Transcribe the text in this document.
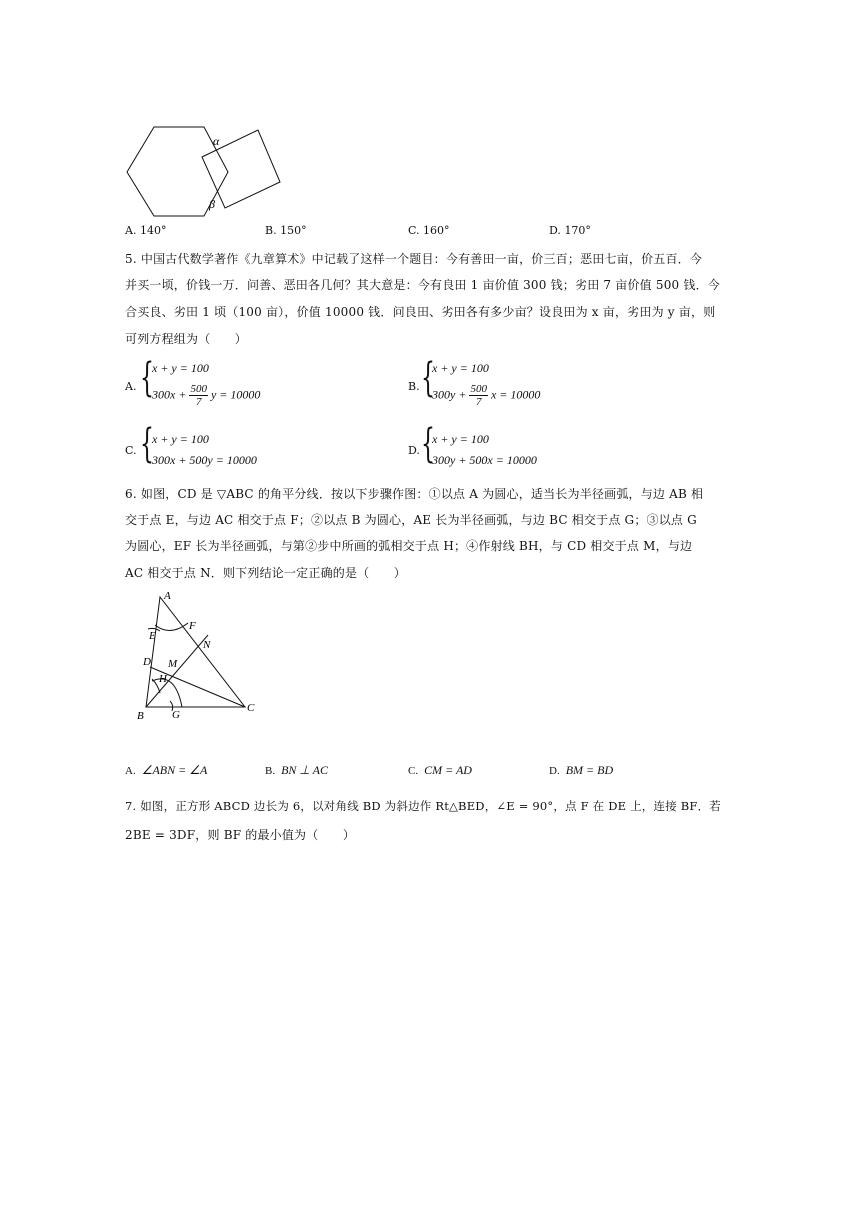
α
β
A. 140°	B. 150°	C. 160°	D. 170°
5. 中国古代数学著作《九章算术》中记载了这样一个题目：今有善田一亩，价三百；恶田七亩，价五百．今
并买一顷，价钱一万．问善、恶田各几何？其大意是：今有良田 1 亩价值 300 钱；劣田 7 亩价值 500 钱．今
合买良、劣田 1 顷（100 亩），价值 10000 钱．问良田、劣田各有多少亩？设良田为 x 亩，劣田为 y 亩，则
可列方程组为（　　）
A. {
x + y = 100
$300x + \frac{500}{7}$ y = 10000
B. {
x + y = 100
$300y + \frac{500}{7}$ x = 10000
C. {
x + y = 100
300x + 500y = 10000
D. {
x + y = 100
300y + 500x = 10000
6. 如图，CD 是 ▽ABC 的角平分线．按以下步骤作图：①以点 A 为圆心，适当长为半径画弧，与边 AB 相
交于点 E，与边 AC 相交于点 F；②以点 B 为圆心，AE 长为半径画弧，与边 BC 相交于点 G；③以点 G
为圆心，EF 长为半径画弧，与第②步中所画的弧相交于点 H；④作射线 BH，与 CD 相交于点 M，与边
AC 相交于点 N．则下列结论一定正确的是（　　）
A
B
C
D
E
F
G
H
M
N
A. ∠ABN = ∠A	B. BN ⊥ AC	C. CM = AD	D. BM = BD
7. 如图，正方形 ABCD 边长为 6，以对角线 BD 为斜边作 Rt△BED，∠E = 90°，点 F 在 DE 上，连接 BF．若
2BE = 3DF，则 BF 的最小值为（　　）
